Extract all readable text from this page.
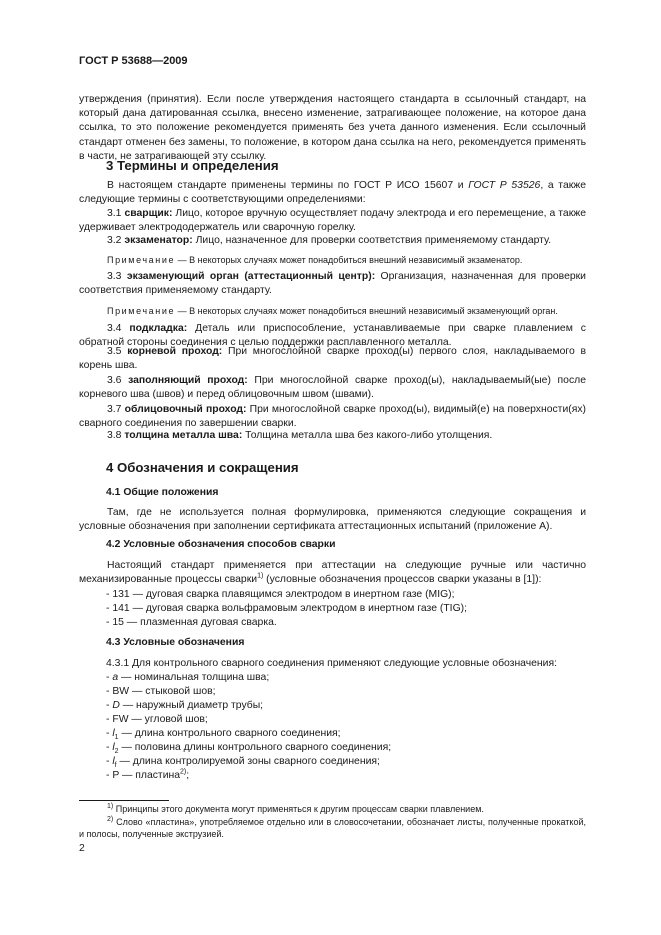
ГОСТ Р 53688—2009

утверждения (принятия). Если после утверждения настоящего стандарта в ссылочный стандарт, на который дана датированная ссылка, внесено изменение, затрагивающее положение, на которое дана ссылка, то это положение рекомендуется применять без учета данного изменения. Если ссылочный стандарт отменен без замены, то положение, в котором дана ссылка на него, рекомендуется применять в части, не затрагивающей эту ссылку.

3 Термины и определения

В настоящем стандарте применены термины по ГОСТ Р ИСО 15607 и ГОСТ Р 53526, а также следующие термины с соответствующими определениями:

3.1 сварщик: Лицо, которое вручную осуществляет подачу электрода и его перемещение, а также удерживает электрододержатель или сварочную горелку.

3.2 экзаменатор: Лицо, назначенное для проверки соответствия применяемому стандарту.

Примечание — В некоторых случаях может понадобиться внешний независимый экзаменатор.

3.3 экзаменующий орган (аттестационный центр): Организация, назначенная для проверки соответствия применяемому стандарту.

Примечание — В некоторых случаях может понадобиться внешний независимый экзаменующий орган.

3.4 подкладка: Деталь или приспособление, устанавливаемые при сварке плавлением с обратной стороны соединения с целью поддержки расплавленного металла.

3.5 корневой проход: При многослойной сварке проход(ы) первого слоя, накладываемого в корень шва.

3.6 заполняющий проход: При многослойной сварке проход(ы), накладываемый(ые) после корневого шва (швов) и перед облицовочным швом (швами).

3.7 облицовочный проход: При многослойной сварке проход(ы), видимый(е) на поверхности(ях) сварного соединения по завершении сварки.

3.8 толщина металла шва: Толщина металла шва без какого-либо утолщения.

4 Обозначения и сокращения
4.1 Общие положения

Там, где не используется полная формулировка, применяются следующие сокращения и условные обозначения при заполнении сертификата аттестационных испытаний (приложение А).

4.2 Условные обозначения способов сварки

Настоящий стандарт применяется при аттестации на следующие ручные или частично механизированные процессы сварки$^{1)}$ (условные обозначения процессов сварки указаны в [1]):

- 131 — дуговая сварка плавящимся электродом в инертном газе (MIG);

- 141 — дуговая сварка вольфрамовым электродом в инертном газе (TIG);

- 15 — плазменная дуговая сварка.

4.3 Условные обозначения

4.3.1 Для контрольного сварного соединения применяют следующие условные обозначения:

- a — номинальная толщина шва;

- BW — стыковой шов;

- D — наружный диаметр трубы;

- FW — угловой шов;

- $l_1$ — длина контрольного сварного соединения;

- $l_2$ — половина длины контрольного сварного соединения;

- $l_f$ — длина контролируемой зоны сварного соединения;

- P — пластина$^{2)}$;

$^{1)}$ Принципы этого документа могут применяться к другим процессам сварки плавлением.

$^{2)}$ Слово «пластина», употребляемое отдельно или в словосочетании, обозначает листы, полученные прокаткой, и полосы, полученные экструзией.

2
